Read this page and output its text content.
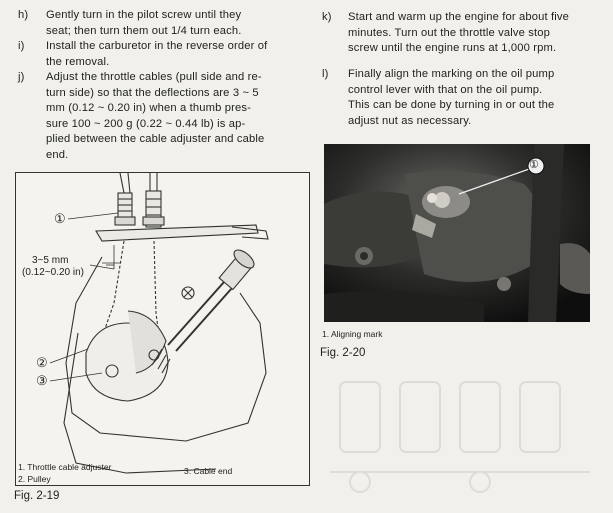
h) Gently turn in the pilot screw until they
seat; then turn them out 1/4 turn each.
i) Install the carburetor in the reverse order of
the removal.
j) Adjust the throttle cables (pull side and re-
turn side) so that the deflections are 3 ~ 5
mm (0.12 ~ 0.20 in) when a thumb pres-
sure 100 ~ 200 g (0.22 ~ 0.44 lb) is ap-
plied between the cable adjuster and cable
end.
k) Start and warm up the engine for about five
minutes. Turn out the throttle valve stop
screw until the engine runs at 1,000 rpm.
l) Finally align the marking on the oil pump
control lever with that on the oil pump.
This can be done by turning in or out the
adjust nut as necessary.
①
②
③
3~5 mm
(0.12~0.20 in)
1. Throttle cable adjuster
2. Pulley
3. Cable end
Fig. 2-19
①
1. Aligning mark
Fig. 2-20
